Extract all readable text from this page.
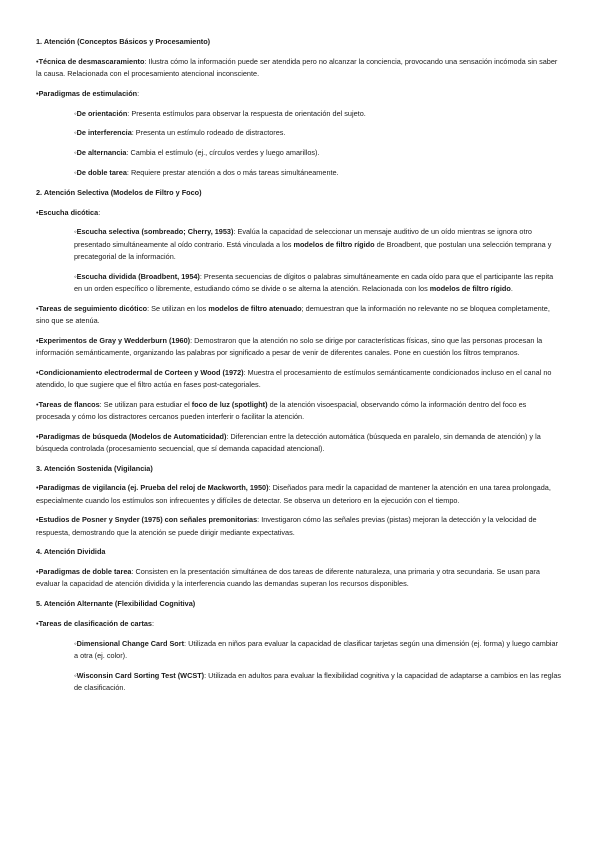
1. Atención (Conceptos Básicos y Procesamiento)
•Técnica de desmascaramiento: Ilustra cómo la información puede ser atendida pero no alcanzar la conciencia, provocando una sensación incómoda sin saber la causa. Relacionada con el procesamiento atencional inconsciente.
•Paradigmas de estimulación:
◦De orientación: Presenta estímulos para observar la respuesta de orientación del sujeto.
◦De interferencia: Presenta un estímulo rodeado de distractores.
◦De alternancia: Cambia el estímulo (ej., círculos verdes y luego amarillos).
◦De doble tarea: Requiere prestar atención a dos o más tareas simultáneamente.
2. Atención Selectiva (Modelos de Filtro y Foco)
•Escucha dicótica:
◦Escucha selectiva (sombreado; Cherry, 1953): Evalúa la capacidad de seleccionar un mensaje auditivo de un oído mientras se ignora otro presentado simultáneamente al oído contrario. Está vinculada a los modelos de filtro rígido de Broadbent, que postulan una selección temprana y precategorial de la información.
◦Escucha dividida (Broadbent, 1954): Presenta secuencias de dígitos o palabras simultáneamente en cada oído para que el participante las repita en un orden específico o libremente, estudiando cómo se divide o se alterna la atención. Relacionada con los modelos de filtro rígido.
•Tareas de seguimiento dicótico: Se utilizan en los modelos de filtro atenuado; demuestran que la información no relevante no se bloquea completamente, sino que se atenúa.
•Experimentos de Gray y Wedderburn (1960): Demostraron que la atención no solo se dirige por características físicas, sino que las personas procesan la información semánticamente, organizando las palabras por significado a pesar de venir de diferentes canales. Pone en cuestión los filtros tempranos.
•Condicionamiento electrodermal de Corteen y Wood (1972): Muestra el procesamiento de estímulos semánticamente condicionados incluso en el canal no atendido, lo que sugiere que el filtro actúa en fases post-categoriales.
•Tareas de flancos: Se utilizan para estudiar el foco de luz (spotlight) de la atención visoespacial, observando cómo la información dentro del foco es procesada y cómo los distractores cercanos pueden interferir o facilitar la atención.
•Paradigmas de búsqueda (Modelos de Automaticidad): Diferencian entre la detección automática (búsqueda en paralelo, sin demanda de atención) y la búsqueda controlada (procesamiento secuencial, que sí demanda capacidad atencional).
3. Atención Sostenida (Vigilancia)
•Paradigmas de vigilancia (ej. Prueba del reloj de Mackworth, 1950): Diseñados para medir la capacidad de mantener la atención en una tarea prolongada, especialmente cuando los estímulos son infrecuentes y difíciles de detectar. Se observa un deterioro en la ejecución con el tiempo.
•Estudios de Posner y Snyder (1975) con señales premonitorias: Investigaron cómo las señales previas (pistas) mejoran la detección y la velocidad de respuesta, demostrando que la atención se puede dirigir mediante expectativas.
4. Atención Dividida
•Paradigmas de doble tarea: Consisten en la presentación simultánea de dos tareas de diferente naturaleza, una primaria y otra secundaria. Se usan para evaluar la capacidad de atención dividida y la interferencia cuando las demandas superan los recursos disponibles.
5. Atención Alternante (Flexibilidad Cognitiva)
•Tareas de clasificación de cartas:
◦Dimensional Change Card Sort: Utilizada en niños para evaluar la capacidad de clasificar tarjetas según una dimensión (ej. forma) y luego cambiar a otra (ej. color).
◦Wisconsin Card Sorting Test (WCST): Utilizada en adultos para evaluar la flexibilidad cognitiva y la capacidad de adaptarse a cambios en las reglas de clasificación.
